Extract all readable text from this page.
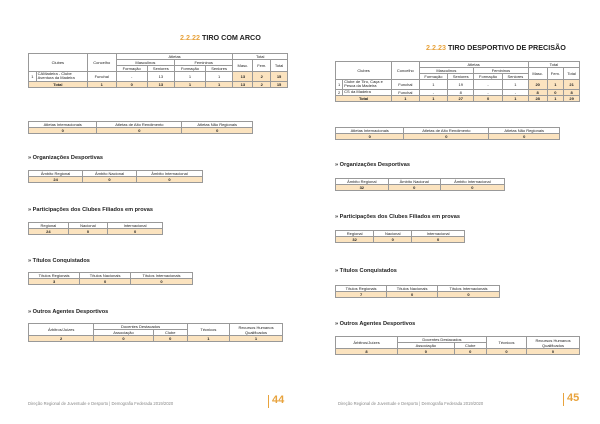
2.2.22 TIRO COM ARCO
Clubes		Concelho	Atletas				Total		
			Masculinos		Femininos		Masc.	Fem.	Total
			Formação	Seniores	Formação	Seniores			
1	CAMadeira - Clube Aventura da Madeira	Funchal	-	13	1	1	13	2	15
Total		1	0	13	1	1	13	2	15
Atletas Internacionais	Atletas de Alto Rendimento	Atletas Não Regionais
0	0	0
» Organizações Desportivas
Âmbito Regional	Âmbito Nacional	Âmbito Internacional
24	0	0
» Participações dos Clubes Filiados em provas
Regional	Nacional	Internacional
24	0	0
» Títulos Conquistados
Títulos Regionais	Títulos Nacionais	Títulos Internacionais
3	0	0
» Outros Agentes Desportivos
Árbitros/Juízes	Docentes Destacados		Técnicos	Recursos Humanos Qualificados
	Associação	Clube		
2	0	0	1	1
Direção Regional de Juventude e Desporto | Demografia Federada 2019/2020	44
2.2.23 TIRO DESPORTIVO DE PRECISÃO
Clubes		Concelho	Atletas				Total		
			Masculinos		Femininos		Masc.	Fem.	Total
			Formação	Seniores	Formação	Seniores			
1	Clube de Tiro, Caça e Pesca da Madeira	Funchal	1	19	-	1	20	1	21
2	CS da Madeira	Funchal	-	8	-	-	8	0	8
Total		1	1	27	0	1	28	1	29
Atletas Internacionais	Atletas de Alto Rendimento	Atletas Não Regionais
0	0	0
» Organizações Desportivas
Âmbito Regional	Âmbito Nacional	Âmbito Internacional
32	0	0
» Participações dos Clubes Filiados em provas
Regional	Nacional	Internacional
32	0	0
» Títulos Conquistados
Títulos Regionais	Títulos Nacionais	Títulos Internacionais
7	0	0
» Outros Agentes Desportivos
Árbitros/Juízes	Docentes Destacados		Técnicos	Recursos Humanos Qualificados
	Associação	Clube		
8	0	0	0	0
Direção Regional de Juventude e Desporto | Demografia Federada 2019/2020	45
